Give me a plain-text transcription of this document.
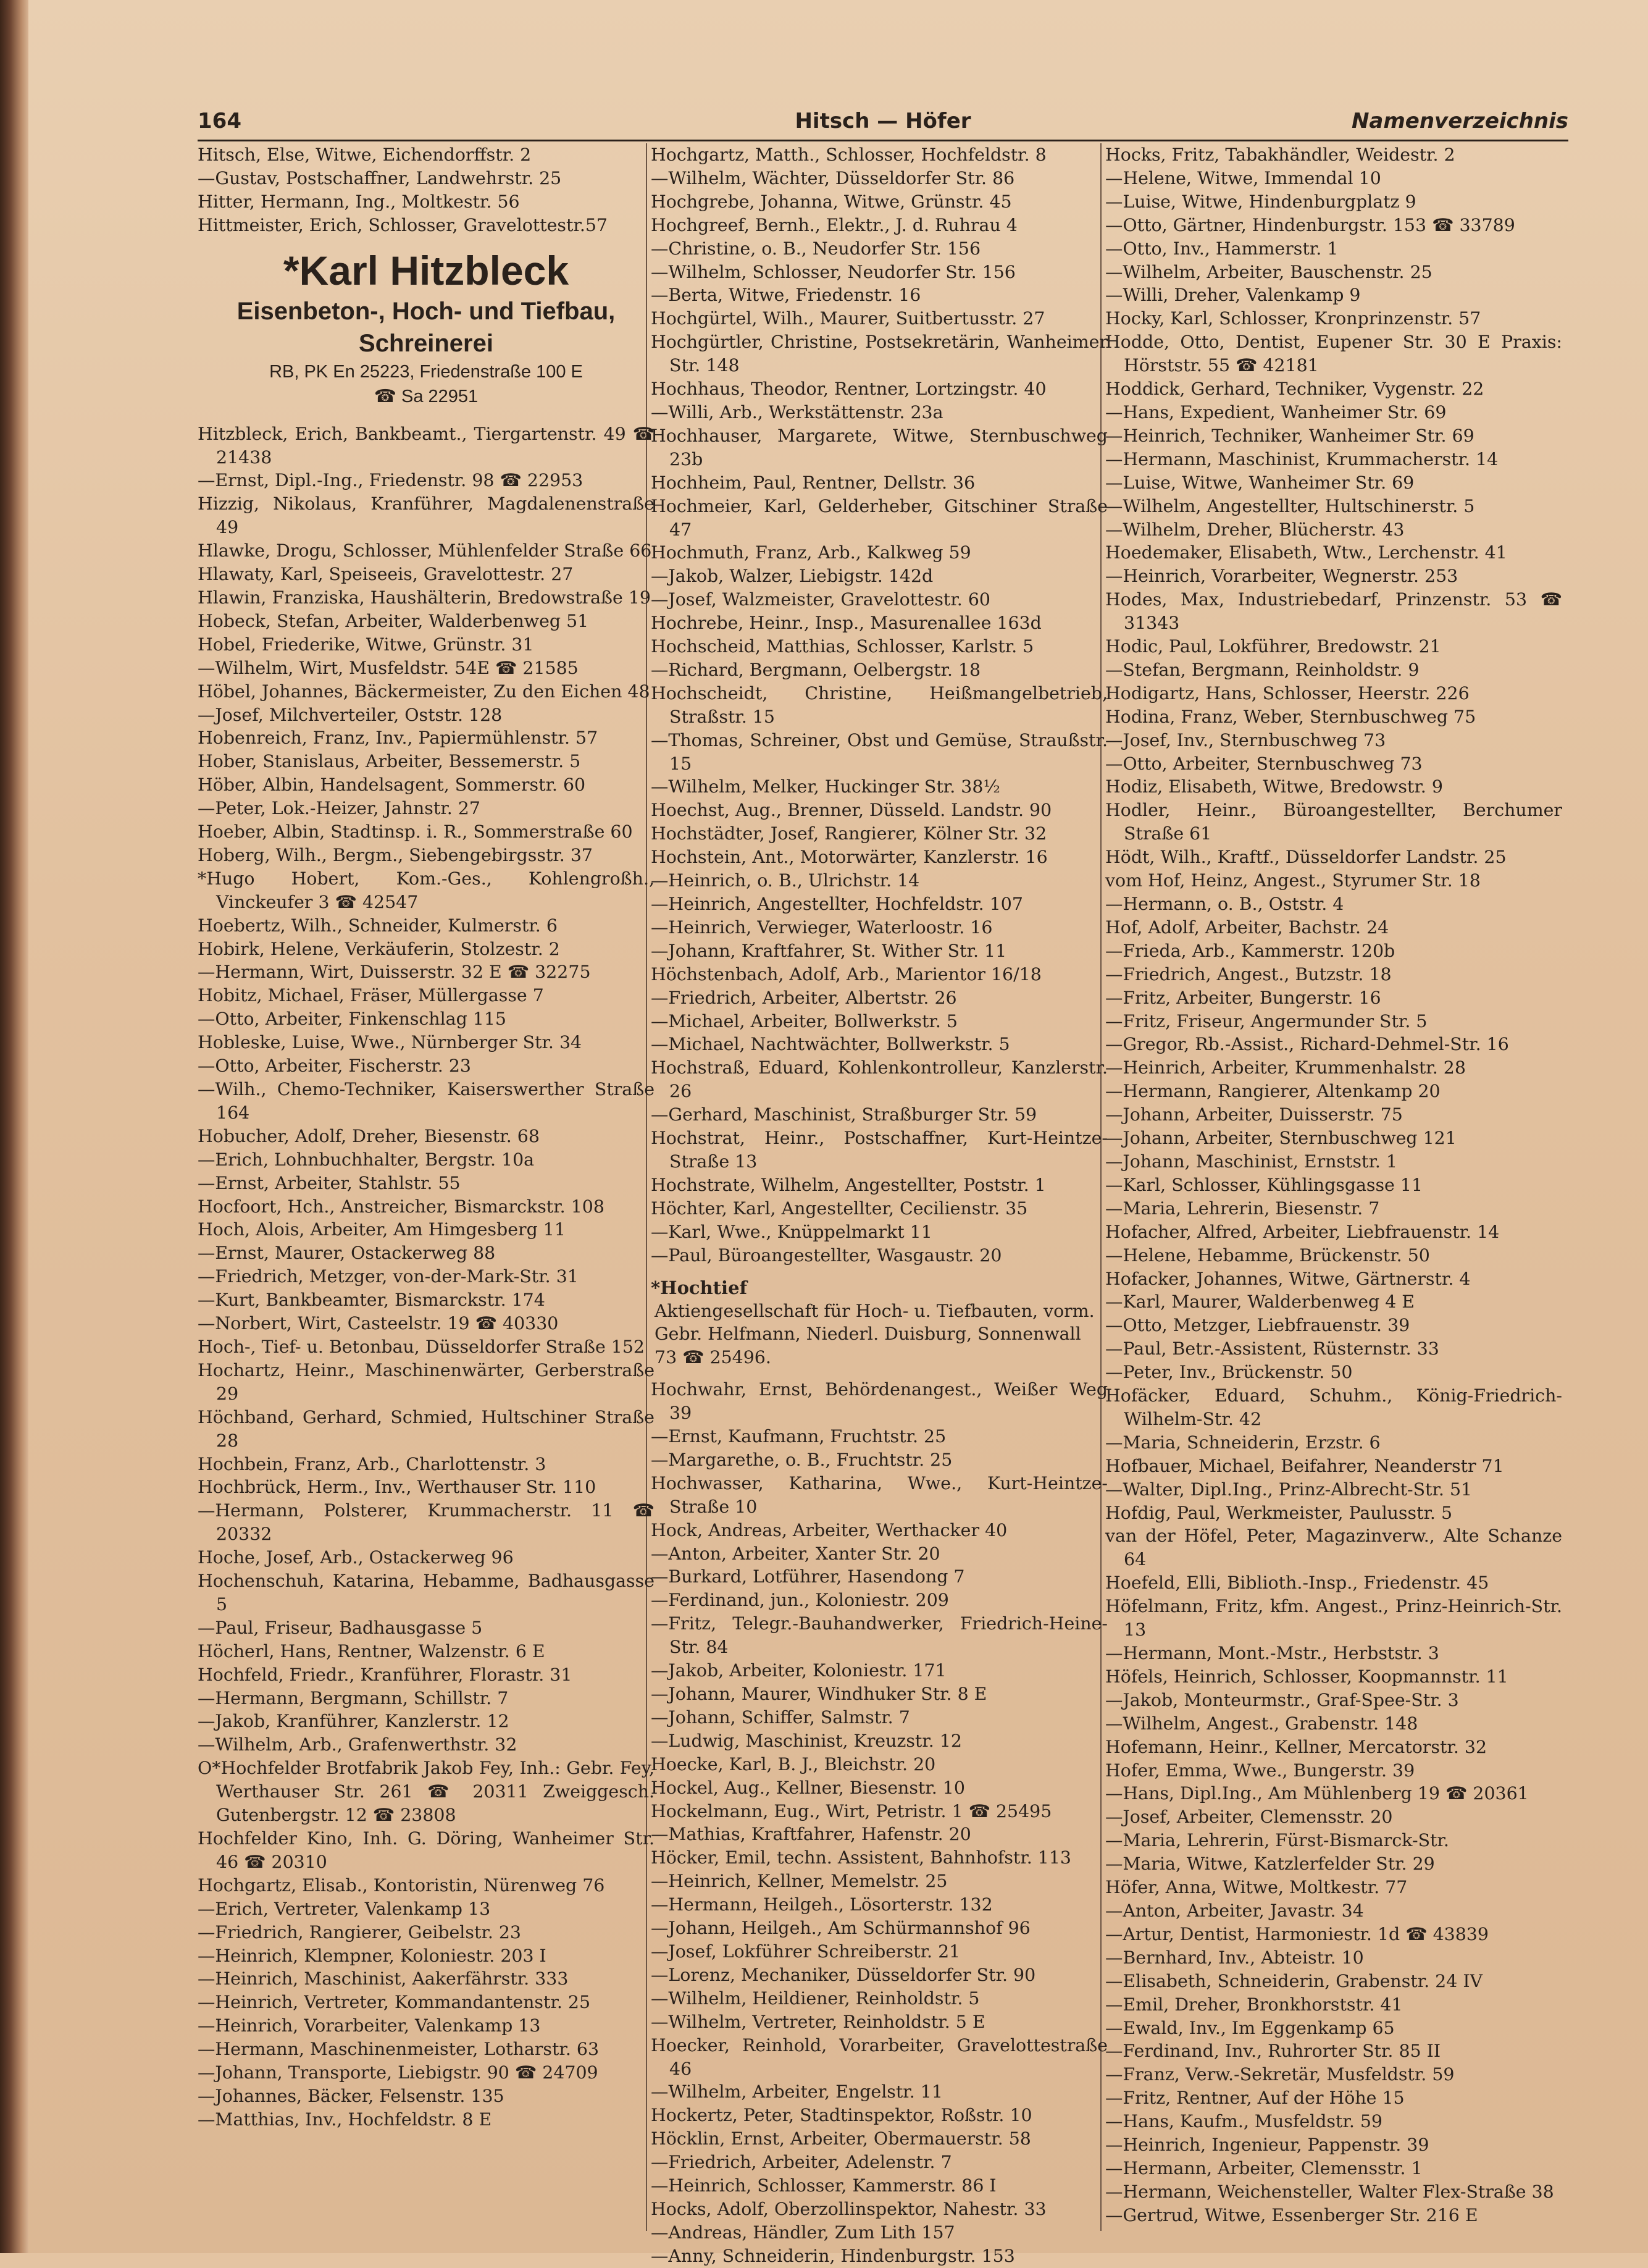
164	Hitsch — Höfer	Namenverzeichnis
Hitsch, Else, Witwe, Eichendorffstr. 2
—Gustav, Postschaffner, Landwehrstr. 25
Hitter, Hermann, Ing., Moltkestr. 56
Hittmeister, Erich, Schlosser, Gravelottestr.57
*Karl Hitzbleck
Eisenbeton-, Hoch- und Tiefbau,
Schreinerei
RB, PK En 25223, Friedenstraße 100 E
☎ Sa 22951
Hitzbleck, Erich, Bankbeamt., Tiergartenstr. 49 ☎ 21438
—Ernst, Dipl.-Ing., Friedenstr. 98 ☎ 22953
Hizzig, Nikolaus, Kranführer, Magdalenenstraße 49
Hlawke, Drogu, Schlosser, Mühlenfelder Straße 66
Hlawaty, Karl, Speiseeis, Gravelottestr. 27
Hlawin, Franziska, Haushälterin, Bredowstraße 19
Hobeck, Stefan, Arbeiter, Walderbenweg 51
Hobel, Friederike, Witwe, Grünstr. 31
—Wilhelm, Wirt, Musfeldstr. 54E ☎ 21585
Höbel, Johannes, Bäckermeister, Zu den Eichen 48
—Josef, Milchverteiler, Oststr. 128
Hobenreich, Franz, Inv., Papiermühlenstr. 57
Hober, Stanislaus, Arbeiter, Bessemerstr. 5
Höber, Albin, Handelsagent, Sommerstr. 60
—Peter, Lok.-Heizer, Jahnstr. 27
Hoeber, Albin, Stadtinsp. i. R., Sommerstraße 60
Hoberg, Wilh., Bergm., Siebengebirgsstr. 37
*Hugo Hobert, Kom.-Ges., Kohlengroßh., Vinckeufer 3 ☎ 42547
Hoebertz, Wilh., Schneider, Kulmerstr. 6
Hobirk, Helene, Verkäuferin, Stolzestr. 2
—Hermann, Wirt, Duisserstr. 32 E ☎ 32275
Hobitz, Michael, Fräser, Müllergasse 7
—Otto, Arbeiter, Finkenschlag 115
Hobleske, Luise, Wwe., Nürnberger Str. 34
—Otto, Arbeiter, Fischerstr. 23
—Wilh., Chemo-Techniker, Kaiserswerther Straße 164
Hobucher, Adolf, Dreher, Biesenstr. 68
—Erich, Lohnbuchhalter, Bergstr. 10a
—Ernst, Arbeiter, Stahlstr. 55
Hocfoort, Hch., Anstreicher, Bismarckstr. 108
Hoch, Alois, Arbeiter, Am Himgesberg 11
—Ernst, Maurer, Ostackerweg 88
—Friedrich, Metzger, von-der-Mark-Str. 31
—Kurt, Bankbeamter, Bismarckstr. 174
—Norbert, Wirt, Casteelstr. 19 ☎ 40330
Hoch-, Tief- u. Betonbau, Düsseldorfer Straße 152
Hochartz, Heinr., Maschinenwärter, Gerberstraße 29
Höchband, Gerhard, Schmied, Hultschiner Straße 28
Hochbein, Franz, Arb., Charlottenstr. 3
Hochbrück, Herm., Inv., Werthauser Str. 110
—Hermann, Polsterer, Krummacherstr. 11 ☎ 20332
Hoche, Josef, Arb., Ostackerweg 96
Hochenschuh, Katarina, Hebamme, Badhausgasse 5
—Paul, Friseur, Badhausgasse 5
Höcherl, Hans, Rentner, Walzenstr. 6 E
Hochfeld, Friedr., Kranführer, Florastr. 31
—Hermann, Bergmann, Schillstr. 7
—Jakob, Kranführer, Kanzlerstr. 12
—Wilhelm, Arb., Grafenwerthstr. 32
O*Hochfelder Brotfabrik Jakob Fey, Inh.: Gebr. Fey, Werthauser Str. 261 ☎ 20311 Zweiggesch. Gutenbergstr. 12 ☎ 23808
Hochfelder Kino, Inh. G. Döring, Wanheimer Str. 46 ☎ 20310
Hochgartz, Elisab., Kontoristin, Nürenweg 76
—Erich, Vertreter, Valenkamp 13
—Friedrich, Rangierer, Geibelstr. 23
—Heinrich, Klempner, Koloniestr. 203 I
—Heinrich, Maschinist, Aakerfährstr. 333
—Heinrich, Vertreter, Kommandantenstr. 25
—Heinrich, Vorarbeiter, Valenkamp 13
—Hermann, Maschinenmeister, Lotharstr. 63
—Johann, Transporte, Liebigstr. 90 ☎ 24709
—Johannes, Bäcker, Felsenstr. 135
—Matthias, Inv., Hochfeldstr. 8 E
Hochgartz, Matth., Schlosser, Hochfeldstr. 8
—Wilhelm, Wächter, Düsseldorfer Str. 86
Hochgrebe, Johanna, Witwe, Grünstr. 45
Hochgreef, Bernh., Elektr., J. d. Ruhrau 4
—Christine, o. B., Neudorfer Str. 156
—Wilhelm, Schlosser, Neudorfer Str. 156
—Berta, Witwe, Friedenstr. 16
Hochgürtel, Wilh., Maurer, Suitbertusstr. 27
Hochgürtler, Christine, Postsekretärin, Wanheimer Str. 148
Hochhaus, Theodor, Rentner, Lortzingstr. 40
—Willi, Arb., Werkstättenstr. 23a
Hochhauser, Margarete, Witwe, Sternbuschweg 23b
Hochheim, Paul, Rentner, Dellstr. 36
Hochmeier, Karl, Gelderheber, Gitschiner Straße 47
Hochmuth, Franz, Arb., Kalkweg 59
—Jakob, Walzer, Liebigstr. 142d
—Josef, Walzmeister, Gravelottestr. 60
Hochrebe, Heinr., Insp., Masurenallee 163d
Hochscheid, Matthias, Schlosser, Karlstr. 5
—Richard, Bergmann, Oelbergstr. 18
Hochscheidt, Christine, Heißmangelbetrieb, Straßstr. 15
—Thomas, Schreiner, Obst und Gemüse, Straußstr. 15
—Wilhelm, Melker, Huckinger Str. 38½
Hoechst, Aug., Brenner, Düsseld. Landstr. 90
Hochstädter, Josef, Rangierer, Kölner Str. 32
Hochstein, Ant., Motorwärter, Kanzlerstr. 16
—Heinrich, o. B., Ulrichstr. 14
—Heinrich, Angestellter, Hochfeldstr. 107
—Heinrich, Verwieger, Waterloostr. 16
—Johann, Kraftfahrer, St. Wither Str. 11
Höchstenbach, Adolf, Arb., Marientor 16/18
—Friedrich, Arbeiter, Albertstr. 26
—Michael, Arbeiter, Bollwerkstr. 5
—Michael, Nachtwächter, Bollwerkstr. 5
Hochstraß, Eduard, Kohlenkontrolleur, Kanzlerstr. 26
—Gerhard, Maschinist, Straßburger Str. 59
Hochstrat, Heinr., Postschaffner, Kurt-Heintze-Straße 13
Hochstrate, Wilhelm, Angestellter, Poststr. 1
Höchter, Karl, Angestellter, Cecilienstr. 35
—Karl, Wwe., Knüppelmarkt 11
—Paul, Büroangestellter, Wasgaustr. 20
*Hochtief
Aktiengesellschaft für Hoch- u. Tiefbauten, vorm. Gebr. Helfmann, Niederl. Duisburg, Sonnenwall 73 ☎ 25496.
Hochwahr, Ernst, Behördenangest., Weißer Weg 39
—Ernst, Kaufmann, Fruchtstr. 25
—Margarethe, o. B., Fruchtstr. 25
Hochwasser, Katharina, Wwe., Kurt-Heintze-Straße 10
Hock, Andreas, Arbeiter, Werthacker 40
—Anton, Arbeiter, Xanter Str. 20
—Burkard, Lotführer, Hasendong 7
—Ferdinand, jun., Koloniestr. 209
—Fritz, Telegr.-Bauhandwerker, Friedrich-Heine-Str. 84
—Jakob, Arbeiter, Koloniestr. 171
—Johann, Maurer, Windhuker Str. 8 E
—Johann, Schiffer, Salmstr. 7
—Ludwig, Maschinist, Kreuzstr. 12
Hoecke, Karl, B. J., Bleichstr. 20
Hockel, Aug., Kellner, Biesenstr. 10
Hockelmann, Eug., Wirt, Petristr. 1 ☎ 25495
—Mathias, Kraftfahrer, Hafenstr. 20
Höcker, Emil, techn. Assistent, Bahnhofstr. 113
—Heinrich, Kellner, Memelstr. 25
—Hermann, Heilgeh., Lösorterstr. 132
—Johann, Heilgeh., Am Schürmannshof 96
—Josef, Lokführer Schreiberstr. 21
—Lorenz, Mechaniker, Düsseldorfer Str. 90
—Wilhelm, Heildiener, Reinholdstr. 5
—Wilhelm, Vertreter, Reinholdstr. 5 E
Hoecker, Reinhold, Vorarbeiter, Gravelottestraße 46
—Wilhelm, Arbeiter, Engelstr. 11
Hockertz, Peter, Stadtinspektor, Roßstr. 10
Höcklin, Ernst, Arbeiter, Obermauerstr. 58
—Friedrich, Arbeiter, Adelenstr. 7
—Heinrich, Schlosser, Kammerstr. 86 I
Hocks, Adolf, Oberzollinspektor, Nahestr. 33
—Andreas, Händler, Zum Lith 157
—Anny, Schneiderin, Hindenburgstr. 153
Hocks, Fritz, Tabakhändler, Weidestr. 2
—Helene, Witwe, Immendal 10
—Luise, Witwe, Hindenburgplatz 9
—Otto, Gärtner, Hindenburgstr. 153 ☎ 33789
—Otto, Inv., Hammerstr. 1
—Wilhelm, Arbeiter, Bauschenstr. 25
—Willi, Dreher, Valenkamp 9
Hocky, Karl, Schlosser, Kronprinzenstr. 57
Hodde, Otto, Dentist, Eupener Str. 30 E Praxis: Hörststr. 55 ☎ 42181
Hoddick, Gerhard, Techniker, Vygenstr. 22
—Hans, Expedient, Wanheimer Str. 69
—Heinrich, Techniker, Wanheimer Str. 69
—Hermann, Maschinist, Krummacherstr. 14
—Luise, Witwe, Wanheimer Str. 69
—Wilhelm, Angestellter, Hultschinerstr. 5
—Wilhelm, Dreher, Blücherstr. 43
Hoedemaker, Elisabeth, Wtw., Lerchenstr. 41
—Heinrich, Vorarbeiter, Wegnerstr. 253
Hodes, Max, Industriebedarf, Prinzenstr. 53 ☎ 31343
Hodic, Paul, Lokführer, Bredowstr. 21
—Stefan, Bergmann, Reinholdstr. 9
Hodigartz, Hans, Schlosser, Heerstr. 226
Hodina, Franz, Weber, Sternbuschweg 75
—Josef, Inv., Sternbuschweg 73
—Otto, Arbeiter, Sternbuschweg 73
Hodiz, Elisabeth, Witwe, Bredowstr. 9
Hodler, Heinr., Büroangestellter, Berchumer Straße 61
Hödt, Wilh., Kraftf., Düsseldorfer Landstr. 25
vom Hof, Heinz, Angest., Styrumer Str. 18
—Hermann, o. B., Oststr. 4
Hof, Adolf, Arbeiter, Bachstr. 24
—Frieda, Arb., Kammerstr. 120b
—Friedrich, Angest., Butzstr. 18
—Fritz, Arbeiter, Bungerstr. 16
—Fritz, Friseur, Angermunder Str. 5
—Gregor, Rb.-Assist., Richard-Dehmel-Str. 16
—Heinrich, Arbeiter, Krummenhalstr. 28
—Hermann, Rangierer, Altenkamp 20
—Johann, Arbeiter, Duisserstr. 75
—Johann, Arbeiter, Sternbuschweg 121
—Johann, Maschinist, Ernststr. 1
—Karl, Schlosser, Kühlingsgasse 11
—Maria, Lehrerin, Biesenstr. 7
Hofacher, Alfred, Arbeiter, Liebfrauenstr. 14
—Helene, Hebamme, Brückenstr. 50
Hofacker, Johannes, Witwe, Gärtnerstr. 4
—Karl, Maurer, Walderbenweg 4 E
—Otto, Metzger, Liebfrauenstr. 39
—Paul, Betr.-Assistent, Rüsternstr. 33
—Peter, Inv., Brückenstr. 50
Hofäcker, Eduard, Schuhm., König-Friedrich-Wilhelm-Str. 42
—Maria, Schneiderin, Erzstr. 6
Hofbauer, Michael, Beifahrer, Neanderstr 71
—Walter, Dipl.Ing., Prinz-Albrecht-Str. 51
Hofdig, Paul, Werkmeister, Paulusstr. 5
van der Höfel, Peter, Magazinverw., Alte Schanze 64
Hoefeld, Elli, Biblioth.-Insp., Friedenstr. 45
Höfelmann, Fritz, kfm. Angest., Prinz-Heinrich-Str. 13
—Hermann, Mont.-Mstr., Herbststr. 3
Höfels, Heinrich, Schlosser, Koopmannstr. 11
—Jakob, Monteurmstr., Graf-Spee-Str. 3
—Wilhelm, Angest., Grabenstr. 148
Hofemann, Heinr., Kellner, Mercatorstr. 32
Hofer, Emma, Wwe., Bungerstr. 39
—Hans, Dipl.Ing., Am Mühlenberg 19 ☎ 20361
—Josef, Arbeiter, Clemensstr. 20
—Maria, Lehrerin, Fürst-Bismarck-Str.
—Maria, Witwe, Katzlerfelder Str. 29
Höfer, Anna, Witwe, Moltkestr. 77
—Anton, Arbeiter, Javastr. 34
—Artur, Dentist, Harmoniestr. 1d ☎ 43839
—Bernhard, Inv., Abteistr. 10
—Elisabeth, Schneiderin, Grabenstr. 24 IV
—Emil, Dreher, Bronkhorststr. 41
—Ewald, Inv., Im Eggenkamp 65
—Ferdinand, Inv., Ruhrorter Str. 85 II
—Franz, Verw.-Sekretär, Musfeldstr. 59
—Fritz, Rentner, Auf der Höhe 15
—Hans, Kaufm., Musfeldstr. 59
—Heinrich, Ingenieur, Pappenstr. 39
—Hermann, Arbeiter, Clemensstr. 1
—Hermann, Weichensteller, Walter Flex-Straße 38
—Gertrud, Witwe, Essenberger Str. 216 E
